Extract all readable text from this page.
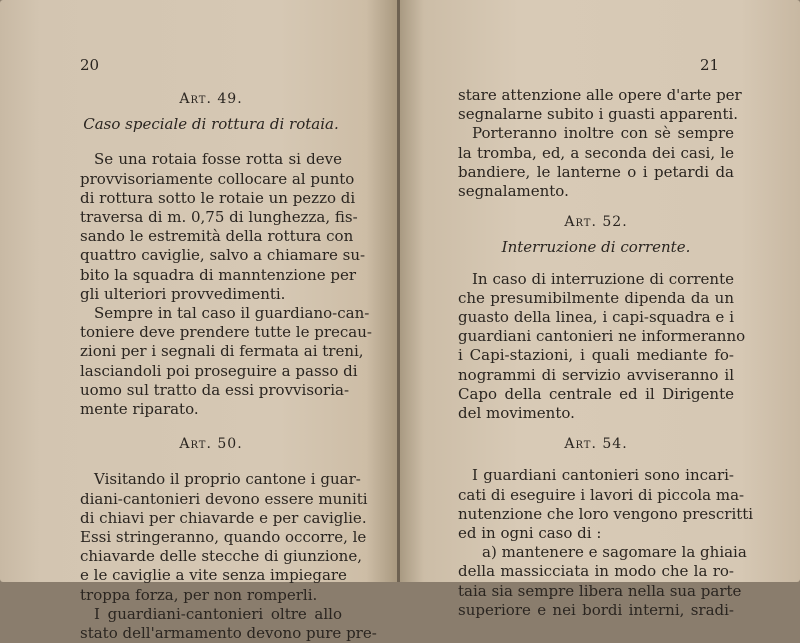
20
Art. 49.
Caso speciale di rottura di rotaia.
Se una rotaia fosse rotta si deve
provvisoriamente collocare al punto
di rottura sotto le rotaie un pezzo di
traversa di m. 0,75 di lunghezza, fis-
sando le estremità della rottura con
quattro caviglie, salvo a chiamare su-
bito la squadra di manntenzione per
gli ulteriori provvedimenti.
Sempre in tal caso il guardiano-can-
toniere deve prendere tutte le precau-
zioni per i segnali di fermata ai treni,
lasciandoli poi proseguire a passo di
uomo sul tratto da essi provvisoria-
mente riparato.
Art. 50.
Visitando il proprio cantone i guar-
diani-cantonieri devono essere muniti
di chiavi per chiavarde e per caviglie.
Essi stringeranno, quando occorre, le
chiavarde delle stecche di giunzione,
e le caviglie a vite senza impiegare
troppa forza, per non romperli.
I guardiani-cantonieri oltre allo
stato dell'armamento devono pure pre-
21
stare attenzione alle opere d'arte per
segnalarne subito i guasti apparenti.
Porteranno inoltre con sè sempre
la tromba, ed, a seconda dei casi, le
bandiere, le lanterne o i petardi da
segnalamento.
Art. 52.
Interruzione di corrente.
In caso di interruzione di corrente
che presumibilmente dipenda da un
guasto della linea, i capi-squadra e i
guardiani cantonieri ne informeranno
i Capi-stazioni, i quali mediante fo-
nogrammi di servizio avviseranno il
Capo della centrale ed il Dirigente
del movimento.
Art. 54.
I guardiani cantonieri sono incari-
cati di eseguire i lavori di piccola ma-
nutenzione che loro vengono prescritti
ed in ogni caso di :
a) mantenere e sagomare la ghiaia
della massicciata in modo che la ro-
taia sia sempre libera nella sua parte
superiore e nei bordi interni, sradi-
